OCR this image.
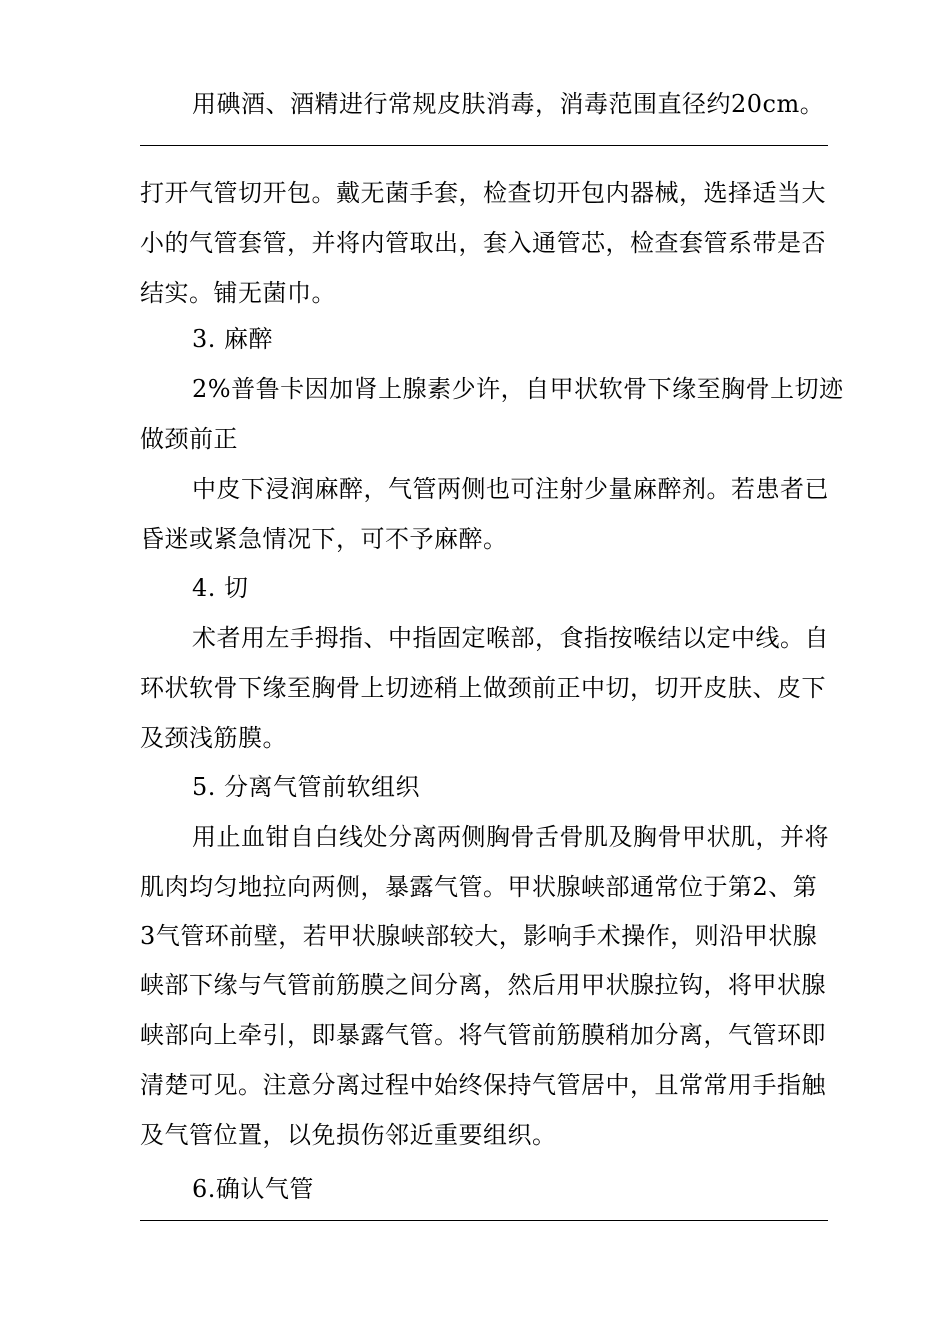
用碘酒、酒精进行常规皮肤消毒，消毒范围直径约20cm。
打开气管切开包。戴无菌手套，检查切开包内器械，选择适当大
小的气管套管，并将内管取出，套入通管芯，检查套管系带是否
结实。铺无菌巾。
3. 麻醉
2%普鲁卡因加肾上腺素少许，自甲状软骨下缘至胸骨上切迹
做颈前正
中皮下浸润麻醉，气管两侧也可注射少量麻醉剂。若患者已
昏迷或紧急情况下，可不予麻醉。
4. 切
术者用左手拇指、中指固定喉部，食指按喉结以定中线。自
环状软骨下缘至胸骨上切迹稍上做颈前正中切，切开皮肤、皮下
及颈浅筋膜。
5. 分离气管前软组织
用止血钳自白线处分离两侧胸骨舌骨肌及胸骨甲状肌，并将
肌肉均匀地拉向两侧，暴露气管。甲状腺峡部通常位于第2、第
3气管环前壁，若甲状腺峡部较大，影响手术操作，则沿甲状腺
峡部下缘与气管前筋膜之间分离，然后用甲状腺拉钩，将甲状腺
峡部向上牵引，即暴露气管。将气管前筋膜稍加分离，气管环即
清楚可见。注意分离过程中始终保持气管居中，且常常用手指触
及气管位置，以免损伤邻近重要组织。
6.确认气管
